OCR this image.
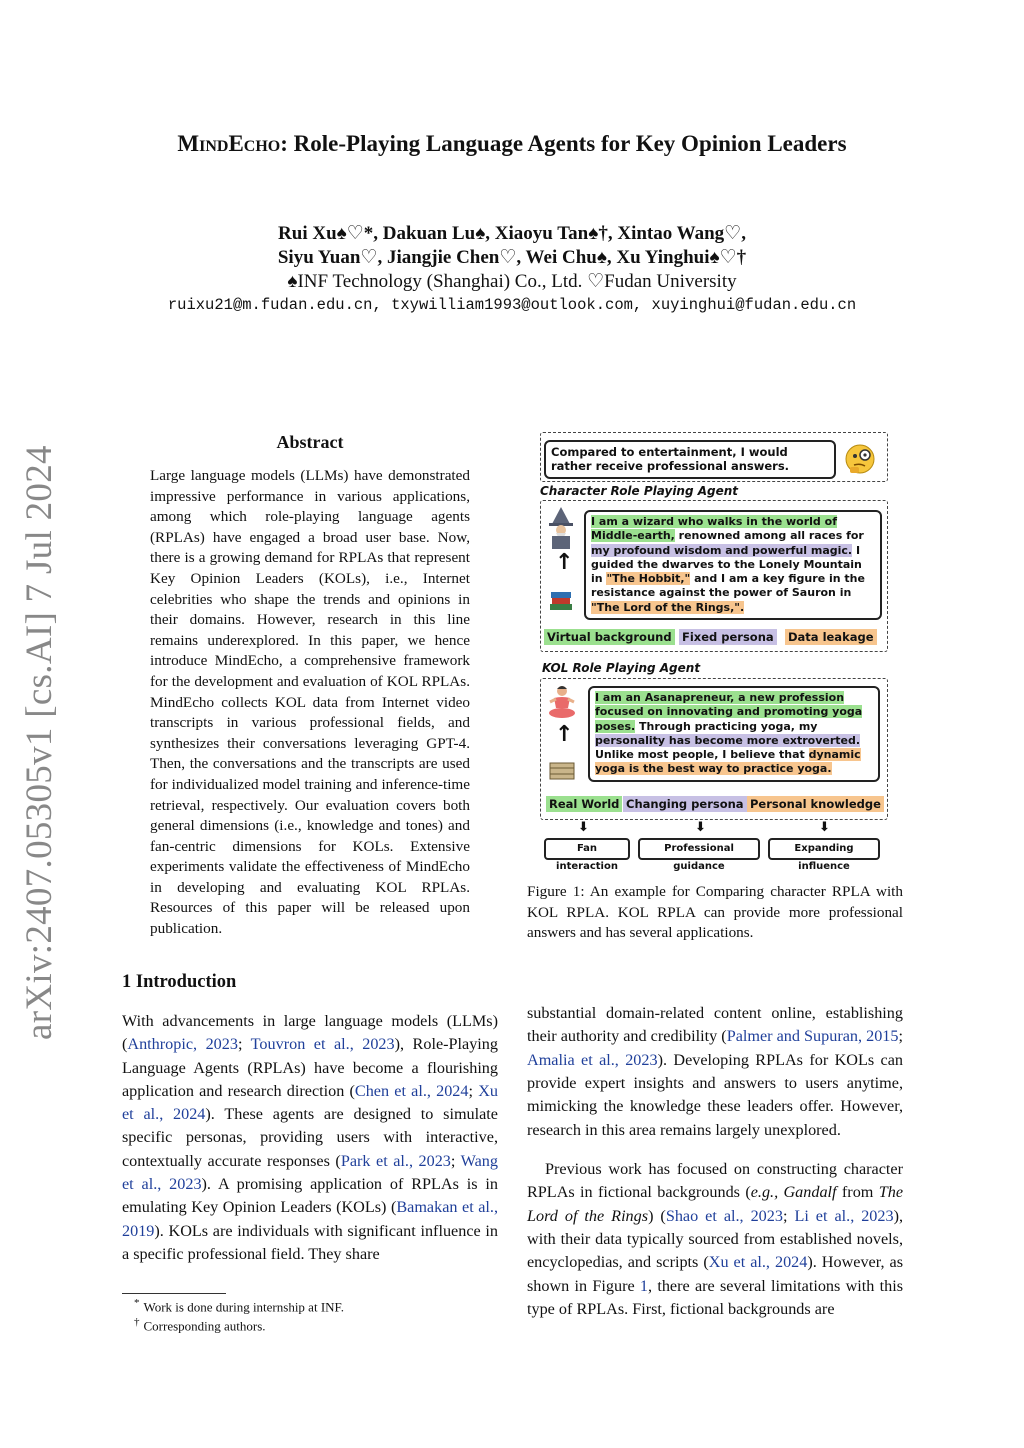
arXiv:2407.05305v1 [cs.AI] 7 Jul 2024
MindEcho: Role-Playing Language Agents for Key Opinion Leaders
Rui Xu♠♡*, Dakuan Lu♠, Xiaoyu Tan♠†, Xintao Wang♡,
Siyu Yuan♡, Jiangjie Chen♡, Wei Chu♠, Xu Yinghui♠♡†
♠INF Technology (Shanghai) Co., Ltd. ♡Fudan University
ruixu21@m.fudan.edu.cn, txywilliam1993@outlook.com, xuyinghui@fudan.edu.cn
Abstract
Large language models (LLMs) have demonstrated impressive performance in various applications, among which role-playing language agents (RPLAs) have engaged a broad user base. Now, there is a growing demand for RPLAs that represent Key Opinion Leaders (KOLs), i.e., Internet celebrities who shape the trends and opinions in their domains. However, research in this line remains underexplored. In this paper, we hence introduce MindEcho, a comprehensive framework for the development and evaluation of KOL RPLAs. MindEcho collects KOL data from Internet video transcripts in various professional fields, and synthesizes their conversations leveraging GPT-4. Then, the conversations and the transcripts are used for individualized model training and inference-time retrieval, respectively. Our evaluation covers both general dimensions (i.e., knowledge and tones) and fan-centric dimensions for KOLs. Extensive experiments validate the effectiveness of MindEcho in developing and evaluating KOL RPLAs. Resources of this paper will be released upon publication.
1 Introduction
With advancements in large language models (LLMs) (Anthropic, 2023; Touvron et al., 2023), Role-Playing Language Agents (RPLAs) have become a flourishing application and research direction (Chen et al., 2024; Xu et al., 2024). These agents are designed to simulate specific personas, providing users with interactive, contextually accurate responses (Park et al., 2023; Wang et al., 2023). A promising application of RPLAs is in emulating Key Opinion Leaders (KOLs) (Bamakan et al., 2019). KOLs are individuals with significant influence in a specific professional field. They share
* Work is done during internship at INF.
† Corresponding authors.
Compared to entertainment, I would rather receive professional answers.
Character Role Playing Agent
↑
I am a wizard who walks in the world of Middle-earth, renowned among all races for my profound wisdom and powerful magic. I guided the dwarves to the Lonely Mountain in "The Hobbit," and I am a key figure in the resistance against the power of Sauron in "The Lord of the Rings,".
Virtual background Fixed persona Data leakage
KOL Role Playing Agent
↑
I am an Asanapreneur, a new profession focused on innovating and promoting yoga poses. Through practicing yoga, my personality has become more extroverted. Unlike most people, I believe that dynamic yoga is the best way to practice yoga.
Real World Changing persona Personal knowledge
⬇	⬇	⬇
Fan interaction
Professional guidance
Expanding influence
Figure 1: An example for Comparing character RPLA with KOL RPLA. KOL RPLA can provide more professional answers and has several applications.

substantial domain-related content online, establishing their authority and credibility (Palmer and Supuran, 2015; Amalia et al., 2023). Developing RPLAs for KOLs can provide expert insights and answers to users anytime, mimicking the knowledge these leaders offer. However, research in this area remains largely unexplored.

Previous work has focused on constructing character RPLAs in fictional backgrounds (e.g., Gandalf from The Lord of the Rings) (Shao et al., 2023; Li et al., 2023), with their data typically sourced from established novels, encyclopedias, and scripts (Xu et al., 2024). However, as shown in Figure 1, there are several limitations with this type of RPLAs. First, fictional backgrounds are
